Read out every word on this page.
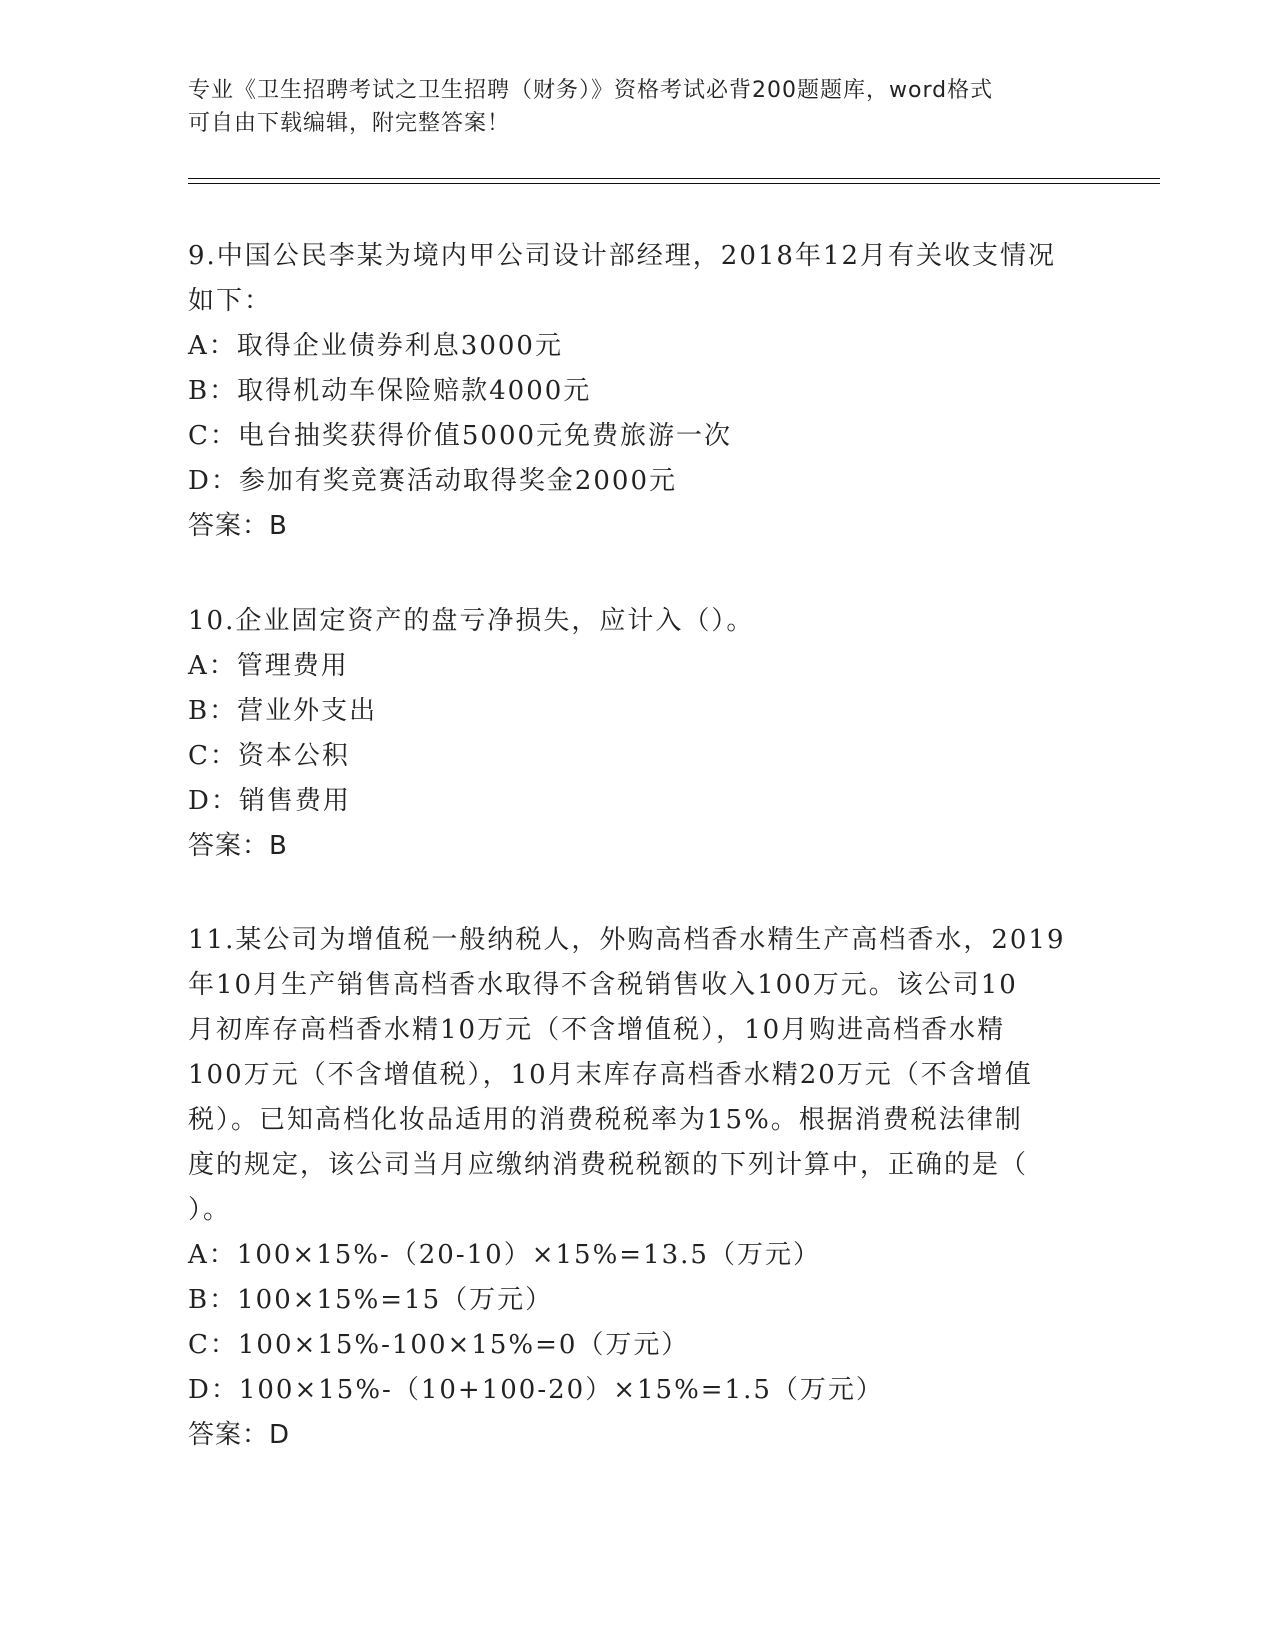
专业《卫生招聘考试之卫生招聘（财务）》资格考试必背200题题库，word格式
可自由下载编辑，附完整答案！

9.中国公民李某为境内甲公司设计部经理，2018年12月有关收支情况

如下：

A：取得企业债券利息3000元

B：取得机动车保险赔款4000元

C：电台抽奖获得价值5000元免费旅游一次

D：参加有奖竞赛活动取得奖金2000元

答案：B

10.企业固定资产的盘亏净损失，应计入（）。

A：管理费用

B：营业外支出

C：资本公积

D：销售费用

答案：B

11.某公司为增值税一般纳税人，外购高档香水精生产高档香水，2019

年10月生产销售高档香水取得不含税销售收入100万元。该公司10

月初库存高档香水精10万元（不含增值税），10月购进高档香水精

100万元（不含增值税），10月末库存高档香水精20万元（不含增值

税）。已知高档化妆品适用的消费税税率为15%。根据消费税法律制

度的规定，该公司当月应缴纳消费税税额的下列计算中，正确的是（

）。

A：100×15%-（20-10）×15%=13.5（万元）

B：100×15%=15（万元）

C：100×15%-100×15%=0（万元）

D：100×15%-（10+100-20）×15%=1.5（万元）

答案：D
